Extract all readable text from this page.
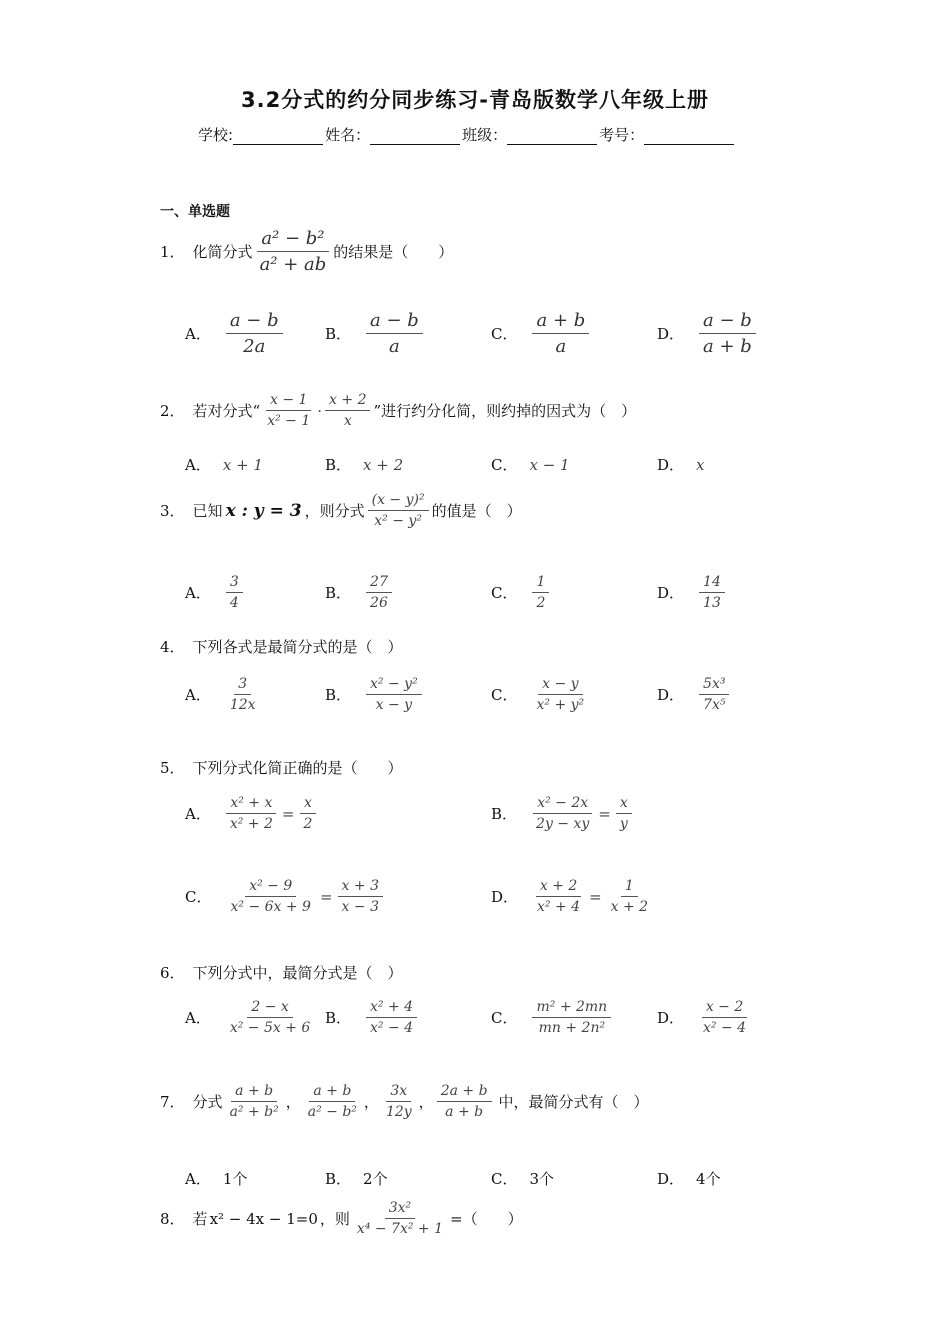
3.2分式的约分同步练习-青岛版数学八年级上册
学校:	姓名：	班级：	考号：
一、单选题
1． 化简分式 $\frac{\text{a² − b²}}{\text{a² + ab}}$ 的结果是（　　）
A． $\frac{a - b}{2a}$	B． $\frac{a - b}{a}$	C． $\frac{a + b}{a}$	D． $\frac{a - b}{a + b}$
2． 若对分式“ $\frac{x - 1}{\text{x² − 1}} \cdot \frac{x + 2}{x}$ ”进行约分化简，则约掉的因式为（　）
A． x + 1	B． x + 2	C． x − 1	D． x
3． 已知 x : y = 3 ，则分式 $\frac{\text{(x − y)²}}{\text{x² − y²}}$ 的值是（　）
A． $\frac{3}{4}$	B． $\frac{27}{26}$	C． $\frac{1}{2}$	D． $\frac{14}{13}$
4． 下列各式是最简分式的是（　）
A． $\frac{3}{12x}$	B． $\frac{\text{x² − y²}}{x - y}$	C． $\frac{x - y}{\text{x² + y²}}$	D． $\frac{\text{5x³}}{\text{7x⁵}}$
5． 下列分式化简正确的是（　　）
A． $\frac{\text{x² + x}}{\text{x² + 2}} = \frac{x}{2}$	B． $\frac{\text{x² − 2x}}{2y - xy} = \frac{x}{y}$
C． $\frac{\text{x² − 9}}{\text{x² − 6x + 9}} = \frac{x + 3}{x - 3}$	D． $\frac{x + 2}{\text{x² + 4}} = \frac{1}{x + 2}$
6． 下列分式中，最简分式是（　）
A． $\frac{2 - x}{\text{x² − 5x + 6}}$ B． $\frac{\text{x² + 4}}{\text{x² − 4}}$	C． $\frac{\text{m² + 2mn}}{\text{mn + 2n²}}$	D． $\frac{x - 2}{\text{x² − 4}}$
7． 分式 $\frac{a + b}{\text{a² + b²}}$ ， $\frac{a + b}{\text{a² − b²}}$ ， $\frac{3x}{12y}$ ， $\frac{2a + b}{a + b}$ 中，最简分式有（　）
A． 1个	B． 2个	C． 3个	D． 4个
8． 若 x² − 4x − 1=0 ，则 $\frac{\text{3x²}}{\text{x⁴ − 7x² + 1}}$ =（　　）
